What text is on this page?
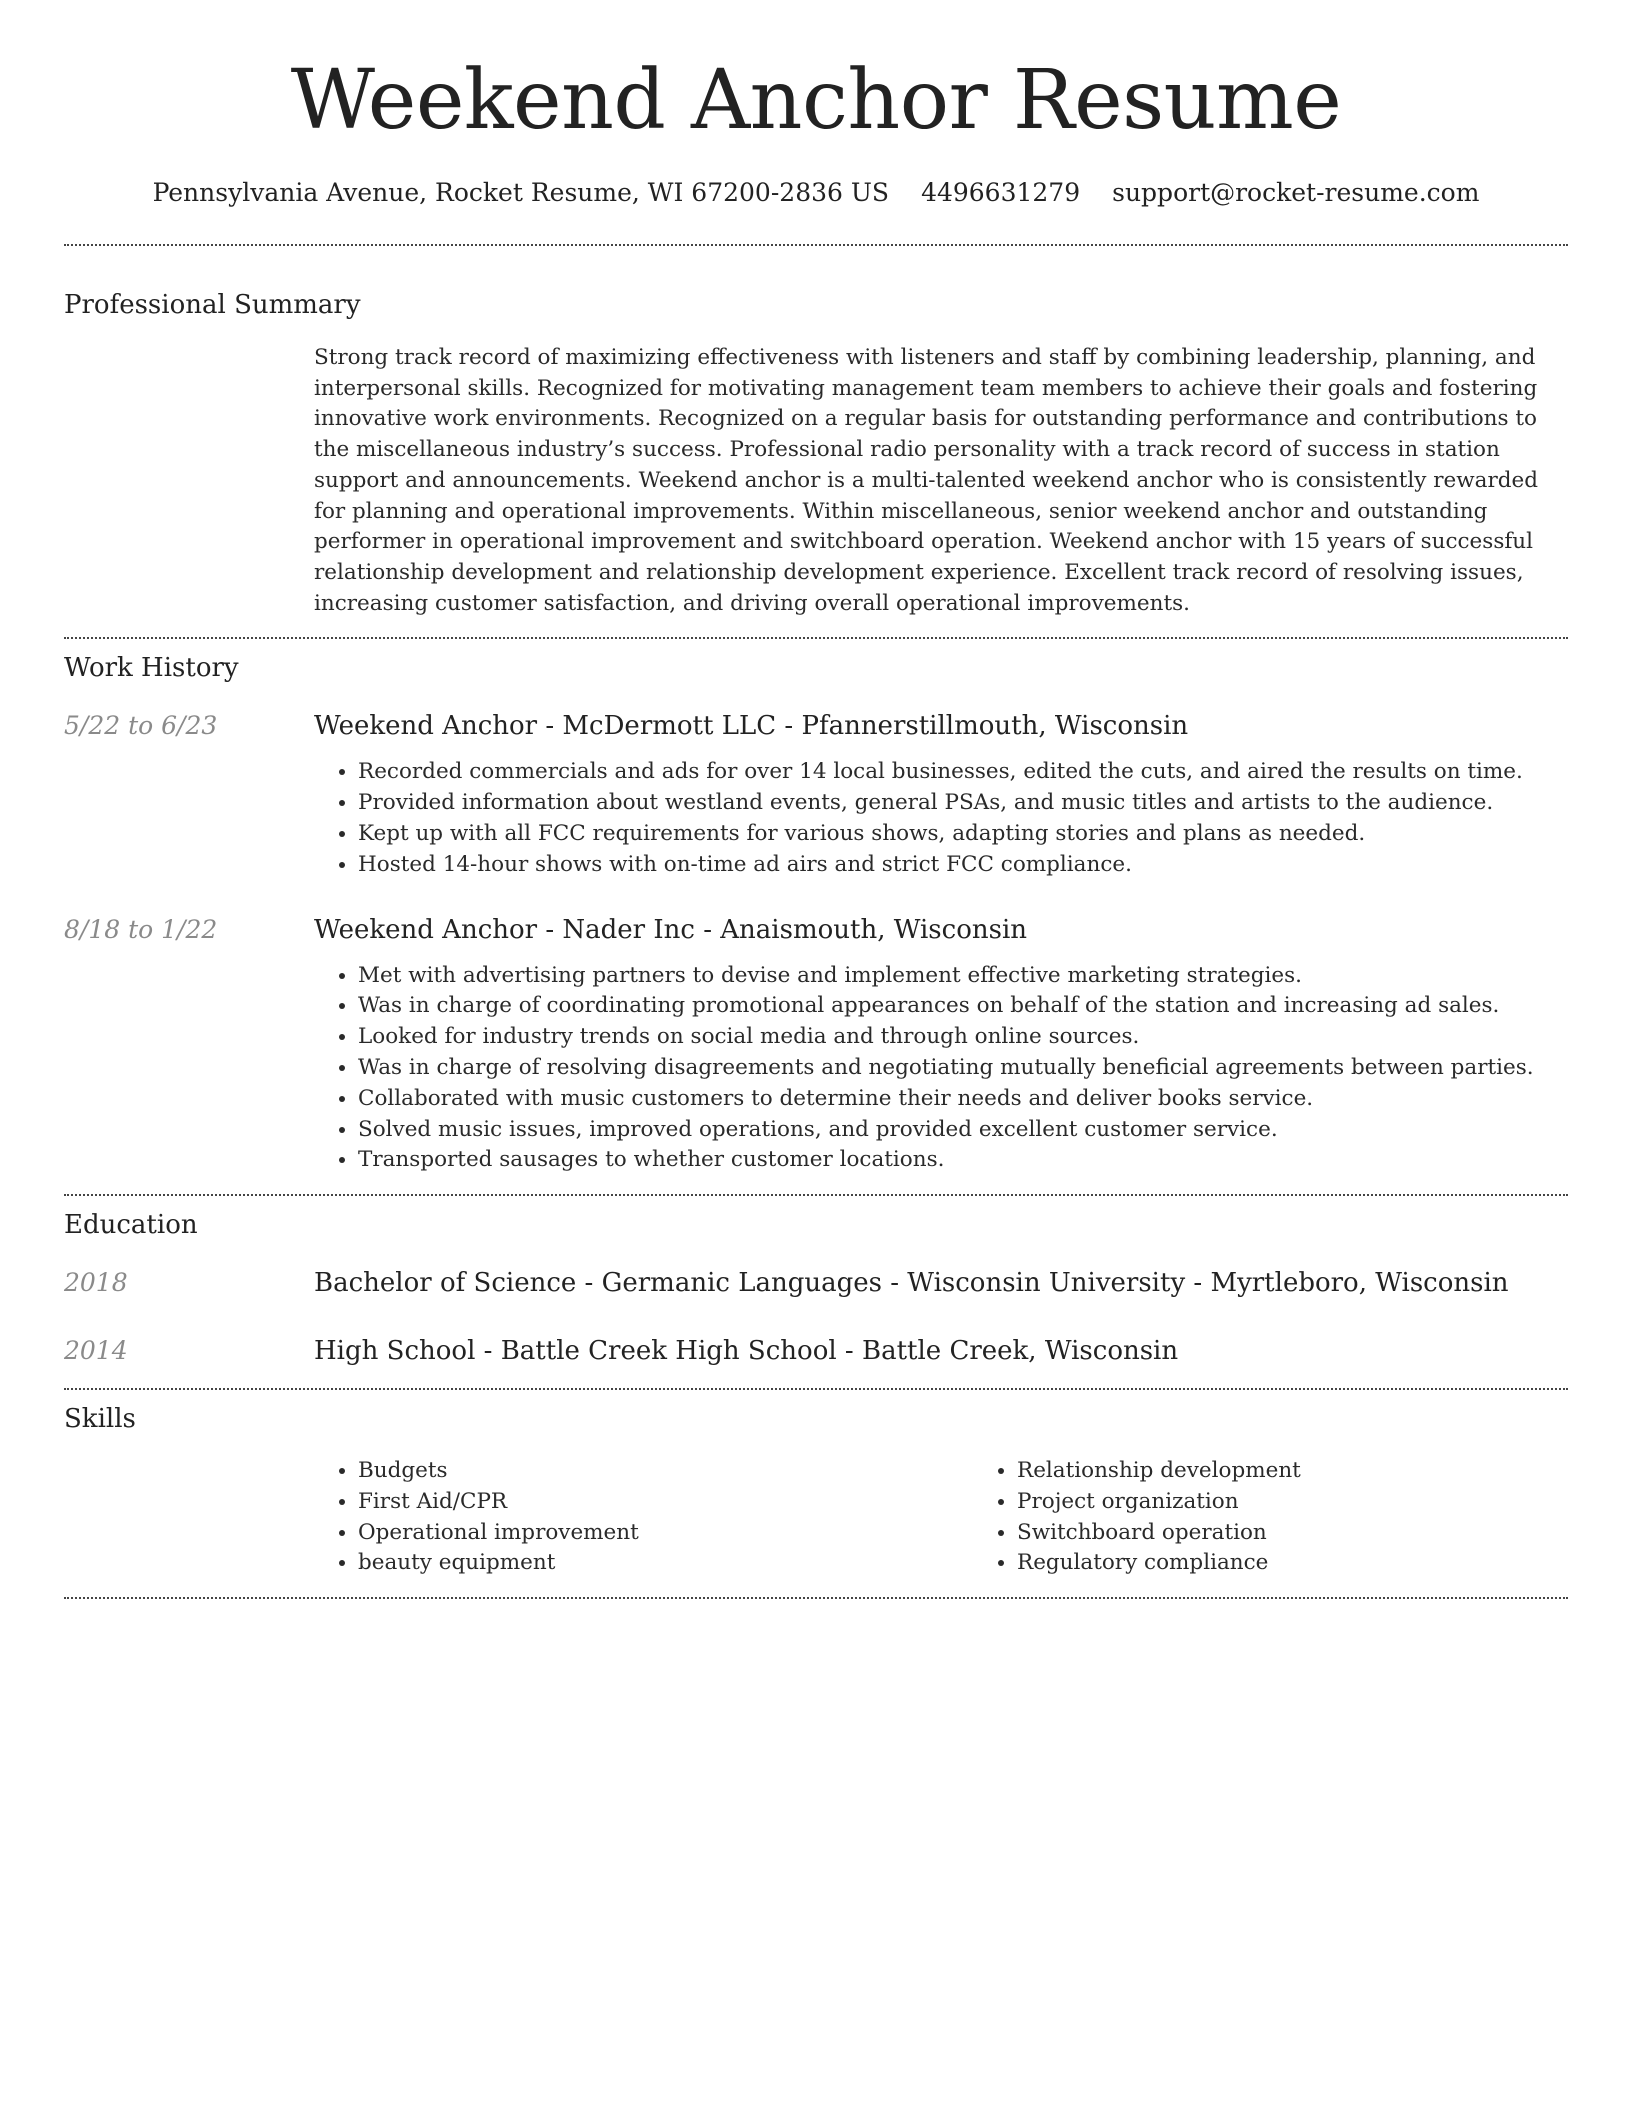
Weekend Anchor Resume
Pennsylvania Avenue, Rocket Resume, WI 67200-2836 US 4496631279 support@rocket-resume.com
Professional Summary

Strong track record of maximizing effectiveness with listeners and staff by combining leadership, planning, and interpersonal skills. Recognized for motivating management team members to achieve their goals and fostering innovative work environments. Recognized on a regular basis for outstanding performance and contributions to the miscellaneous industry’s success. Professional radio personality with a track record of success in station support and announcements. Weekend anchor is a multi-talented weekend anchor who is consistently rewarded for planning and operational improvements. Within miscellaneous, senior weekend anchor and outstanding performer in operational improvement and switchboard operation. Weekend anchor with 15 years of successful relationship development and relationship development experience. Excellent track record of resolving issues, increasing customer satisfaction, and driving overall operational improvements.

Work History
5/22 to 6/23	Weekend Anchor - McDermott LLC - Pfannerstillmouth, Wisconsin
• Recorded commercials and ads for over 14 local businesses, edited the cuts, and aired the results on time.
• Provided information about westland events, general PSAs, and music titles and artists to the audience.
• Kept up with all FCC requirements for various shows, adapting stories and plans as needed.
• Hosted 14-hour shows with on-time ad airs and strict FCC compliance.
8/18 to 1/22	Weekend Anchor - Nader Inc - Anaismouth, Wisconsin
• Met with advertising partners to devise and implement effective marketing strategies.
• Was in charge of coordinating promotional appearances on behalf of the station and increasing ad sales.
• Looked for industry trends on social media and through online sources.
• Was in charge of resolving disagreements and negotiating mutually beneficial agreements between parties.
• Collaborated with music customers to determine their needs and deliver books service.
• Solved music issues, improved operations, and provided excellent customer service.
• Transported sausages to whether customer locations.
Education
2018	Bachelor of Science - Germanic Languages - Wisconsin University - Myrtleboro, Wisconsin
2014	High School - Battle Creek High School - Battle Creek, Wisconsin
Skills
• Budgets
• First Aid/CPR
• Operational improvement
• beauty equipment
• Relationship development
• Project organization
• Switchboard operation
• Regulatory compliance
